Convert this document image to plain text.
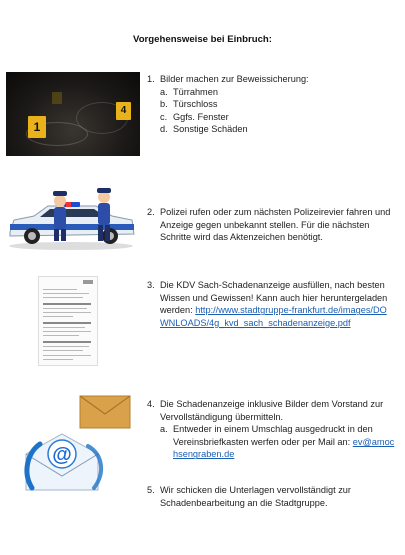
Vorgehensweise bei Einbruch:
1
4
@
1. Bilder machen zur Beweissicherung:
a. Türrahmen
b. Türschloss
c. Ggfs. Fenster
d. Sonstige Schäden
2. Polizei rufen oder zum nächsten Polizeirevier fahren und Anzeige gegen unbekannt stellen. Für die nächsten Schritte wird das Aktenzeichen benötigt.
3. Die KDV Sach-Schadenanzeige ausfüllen, nach besten Wissen und Gewissen! Kann auch hier heruntergeladen werden: http://www.stadtgruppe-frankfurt.de/images/DOWNLOADS/4g_kvd_sach_schadenanzeige.pdf
4. Die Schadenanzeige inklusive Bilder dem Vorstand zur Vervollständigung übermitteln.
a. Entweder in einem Umschlag ausgedruckt in den Vereinsbriefkasten werfen oder per Mail an: ev@amochsengraben.de
5. Wir schicken die Unterlagen vervollständigt zur Schadenbearbeitung an die Stadtgruppe.
